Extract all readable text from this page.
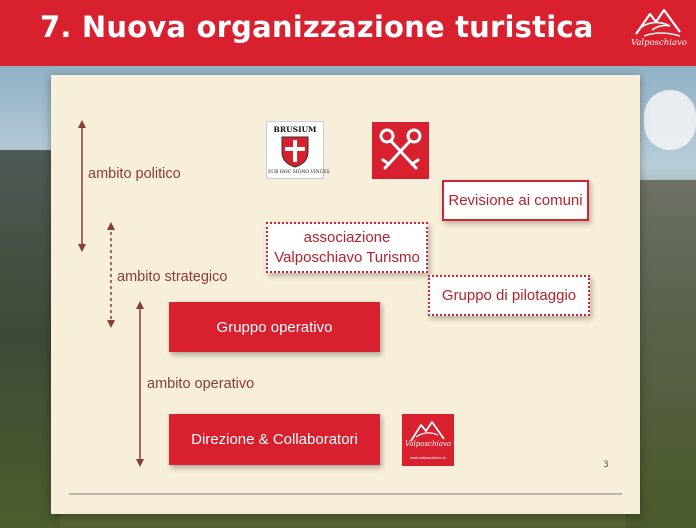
7. Nuova organizzazione turistica	Valposchiavo
ambito politico
ambito strategico
ambito operativo
BRUSIUM
SUB HOC SIGNO VINCES
Revisione ai comuni
associazione
Valposchiavo Turismo
Gruppo di pilotaggio
Gruppo operativo
Direzione & Collaboratori	Valposchiavo
www.valposchiavo.ch
3
